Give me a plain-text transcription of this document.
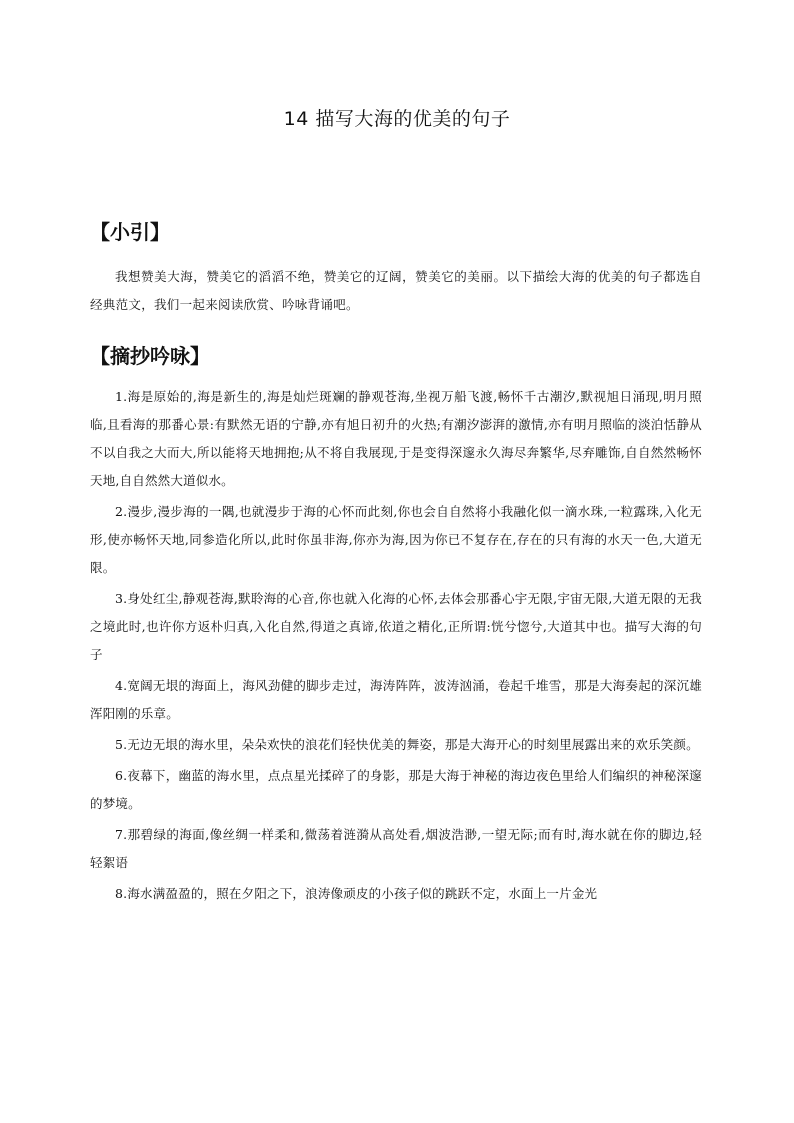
14 描写大海的优美的句子
【小引】

我想赞美大海，赞美它的滔滔不绝，赞美它的辽阔，赞美它的美丽。以下描绘大海的优美的句子都选自经典范文，我们一起来阅读欣赏、吟咏背诵吧。

【摘抄吟咏】
1.海是原始的,海是新生的,海是灿烂斑斓的静观苍海,坐视万船飞渡,畅怀千古潮汐,默视旭日涌现,明月照临,且看海的那番心景:有默然无语的宁静,亦有旭日初升的火热;有潮汐澎湃的激情,亦有明月照临的淡泊恬静从不以自我之大而大,所以能将天地拥抱;从不将自我展现,于是变得深邃永久海尽奔繁华,尽弃雕饰,自自然然畅怀天地,自自然然大道似水。
2.漫步,漫步海的一隅,也就漫步于海的心怀而此刻,你也会自自然将小我融化似一滴水珠,一粒露珠,入化无形,使亦畅怀天地,同参造化所以,此时你虽非海,你亦为海,因为你已不复存在,存在的只有海的水天一色,大道无限。
3.身处红尘,静观苍海,默聆海的心音,你也就入化海的心怀,去体会那番心宇无限,宇宙无限,大道无限的无我之境此时,也许你方返朴归真,入化自然,得道之真谛,依道之精化,正所谓:恍兮惚兮,大道其中也。描写大海的句子
4.宽阔无垠的海面上，海风劲健的脚步走过，海涛阵阵，波涛汹涌，卷起千堆雪，那是大海奏起的深沉雄浑阳刚的乐章。
5.无边无垠的海水里，朵朵欢快的浪花们轻快优美的舞姿，那是大海开心的时刻里展露出来的欢乐笑颜。
6.夜幕下，幽蓝的海水里，点点星光揉碎了的身影，那是大海于神秘的海边夜色里给人们编织的神秘深邃的梦境。
7.那碧绿的海面,像丝绸一样柔和,微荡着涟漪从高处看,烟波浩渺,一望无际;而有时,海水就在你的脚边,轻轻絮语
8.海水满盈盈的，照在夕阳之下，浪涛像顽皮的小孩子似的跳跃不定，水面上一片金光
